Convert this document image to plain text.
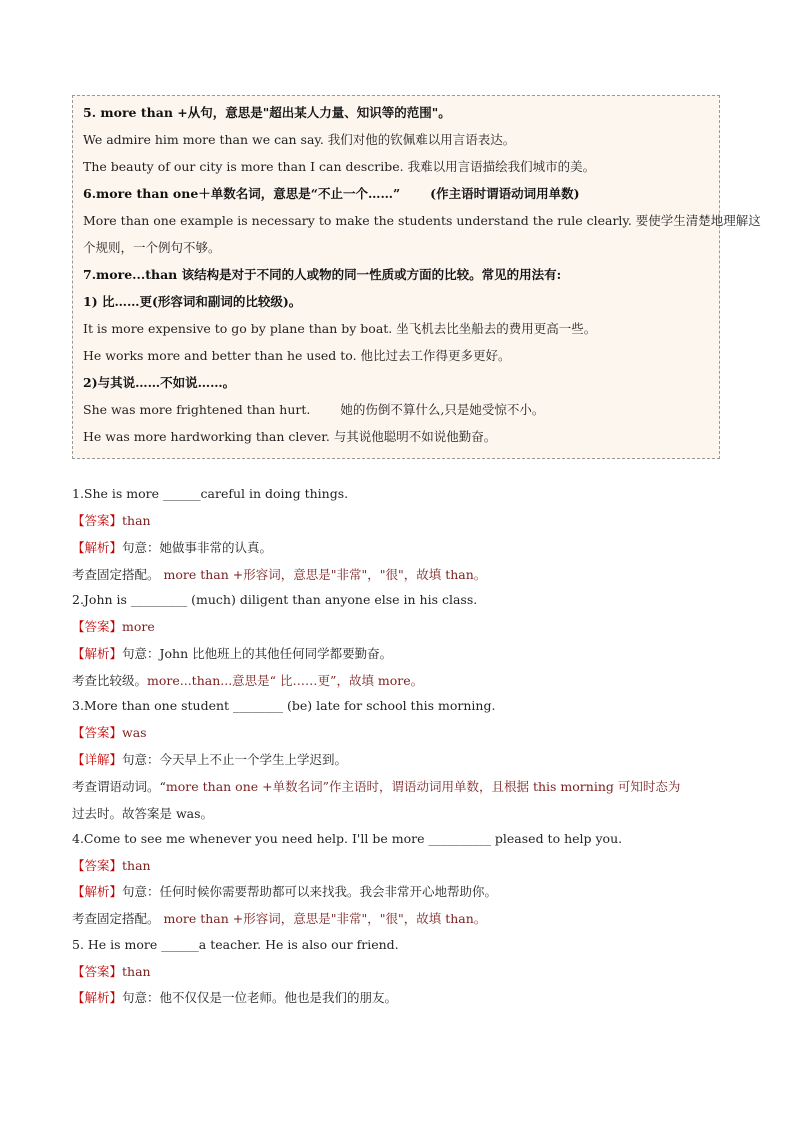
5. more than +从句，意思是"超出某人力量、知识等的范围"。
We admire him more than we can say. 我们对他的钦佩难以用言语表达。
The beauty of our city is more than I can describe. 我难以用言语描绘我们城市的美。
6.more than one＋单数名词，意思是“不止一个……” (作主语时谓语动词用单数)
More than one example is necessary to make the students understand the rule clearly. 要使学生清楚地理解这
个规则，一个例句不够。
7.more...than 该结构是对于不同的人或物的同一性质或方面的比较。常见的用法有:
1) 比……更(形容词和副词的比较级)。
It is more expensive to go by plane than by boat. 坐飞机去比坐船去的费用更高一些。
He works more and better than he used to. 他比过去工作得更多更好。
2)与其说……不如说……。
She was more frightened than hurt. 她的伤倒不算什么,只是她受惊不小。
He was more hardworking than clever. 与其说他聪明不如说他勤奋。
1.She is more ______careful in doing things.
【答案】than
【解析】句意：她做事非常的认真。
考查固定搭配。 more than +形容词，意思是"非常"，"很"，故填 than。
2.John is _________ (much) diligent than anyone else in his class.
【答案】more
【解析】句意：John 比他班上的其他任何同学都要勤奋。
考查比较级。more...than...意思是“ 比……更”，故填 more。
3.More than one student ________ (be) late for school this morning.
【答案】was
【详解】句意：今天早上不止一个学生上学迟到。
考查谓语动词。“more than one +单数名词”作主语时，谓语动词用单数，且根据 this morning 可知时态为
过去时。故答案是 was。
4.Come to see me whenever you need help. I'll be more __________ pleased to help you.
【答案】than
【解析】句意：任何时候你需要帮助都可以来找我。我会非常开心地帮助你。
考查固定搭配。 more than +形容词，意思是"非常"，"很"，故填 than。
5. He is more ______a teacher. He is also our friend.
【答案】than
【解析】句意：他不仅仅是一位老师。他也是我们的朋友。
